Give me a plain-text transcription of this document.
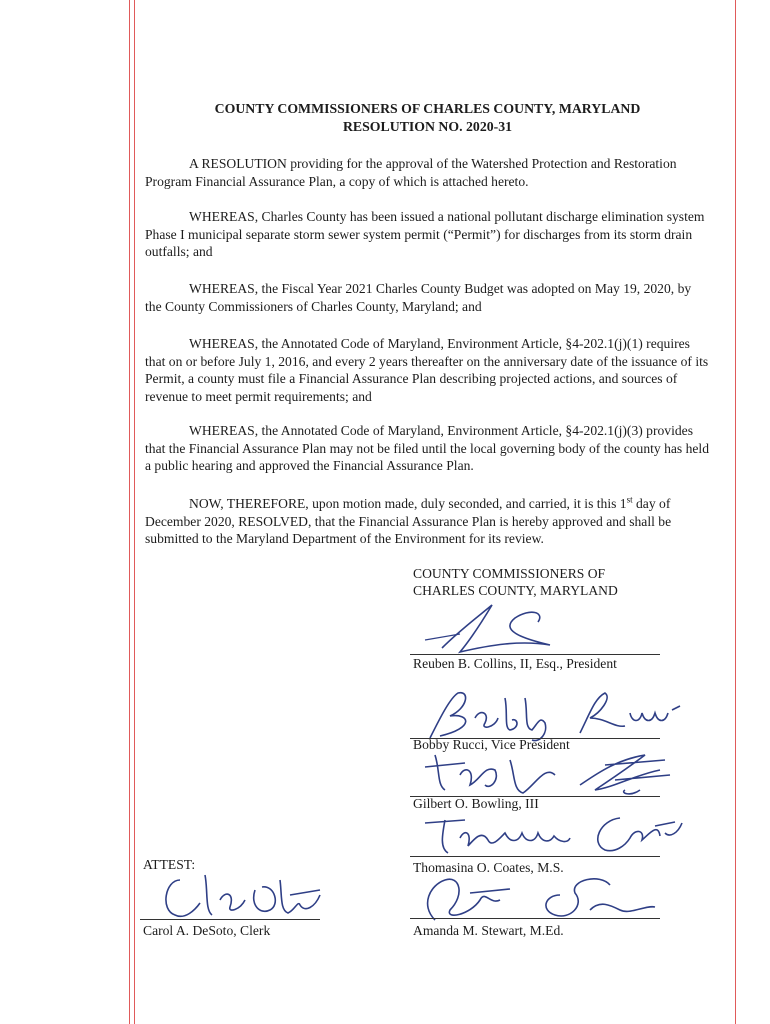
COUNTY COMMISSIONERS OF CHARLES COUNTY, MARYLAND
RESOLUTION NO. 2020-31

A RESOLUTION providing for the approval of the Watershed Protection and Restoration Program Financial Assurance Plan, a copy of which is attached hereto.

WHEREAS, Charles County has been issued a national pollutant discharge elimination system Phase I municipal separate storm sewer system permit (“Permit”) for discharges from its storm drain outfalls; and

WHEREAS, the Fiscal Year 2021 Charles County Budget was adopted on May 19, 2020, by the County Commissioners of Charles County, Maryland; and

WHEREAS, the Annotated Code of Maryland, Environment Article, §4-202.1(j)(1) requires that on or before July 1, 2016, and every 2 years thereafter on the anniversary date of the issuance of its Permit, a county must file a Financial Assurance Plan describing projected actions, and sources of revenue to meet permit requirements; and

WHEREAS, the Annotated Code of Maryland, Environment Article, §4-202.1(j)(3) provides that the Financial Assurance Plan may not be filed until the local governing body of the county has held a public hearing and approved the Financial Assurance Plan.

NOW, THEREFORE, upon motion made, duly seconded, and carried, it is this 1st day of December 2020, RESOLVED, that the Financial Assurance Plan is hereby approved and shall be submitted to the Maryland Department of the Environment for its review.

COUNTY COMMISSIONERS OF
CHARLES COUNTY, MARYLAND
Reuben B. Collins, II, Esq., President
Bobby Rucci, Vice President
Gilbert O. Bowling, III
Thomasina O. Coates, M.S.
Amanda M. Stewart, M.Ed.
ATTEST:
Carol A. DeSoto, Clerk
